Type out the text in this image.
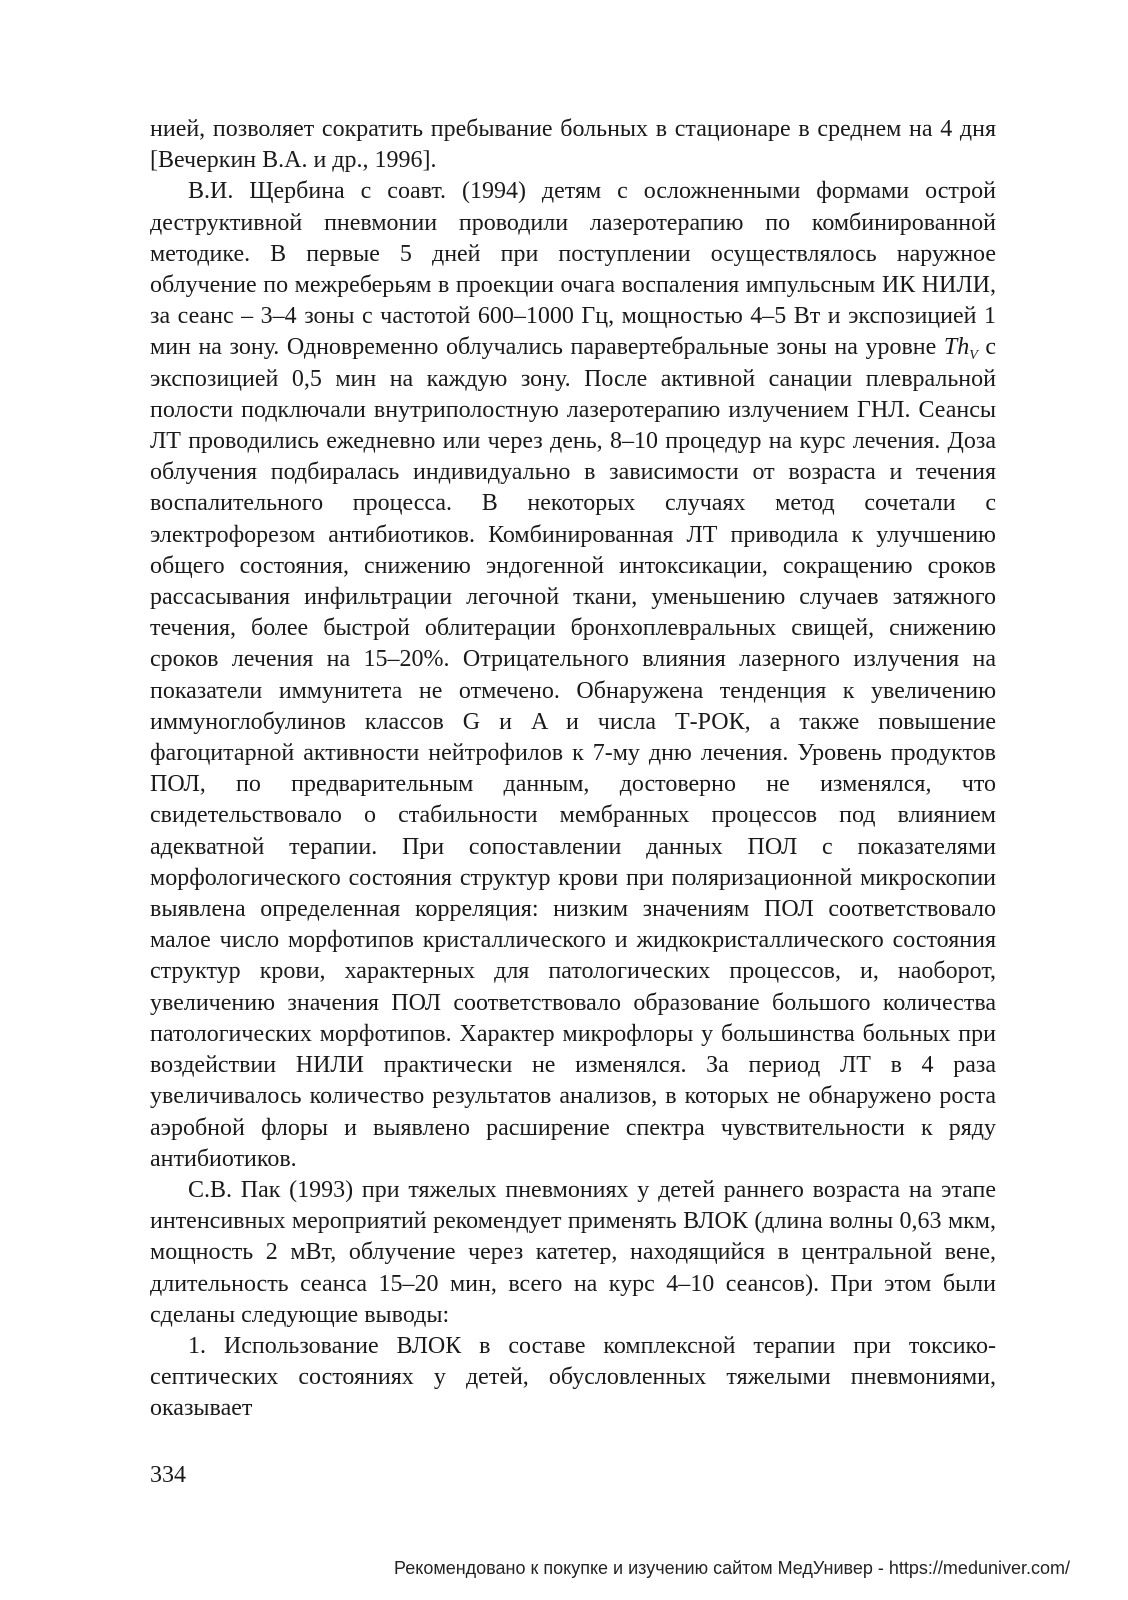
нией, позволяет сократить пребывание больных в стационаре в среднем на 4 дня [Вечеркин В.А. и др., 1996].

В.И. Щербина с соавт. (1994) детям с осложненными формами острой деструктивной пневмонии проводили лазеротерапию по комбинированной методике. В первые 5 дней при поступлении осуществлялось наружное облучение по межреберьям в проекции очага воспаления импульсным ИК НИЛИ, за сеанс – 3–4 зоны с частотой 600–1000 Гц, мощностью 4–5 Вт и экспозицией 1 мин на зону. Одновременно облучались паравертебральные зоны на уровне $Th_V$ с экспозицией 0,5 мин на каждую зону. После активной санации плевральной полости подключали внутриполостную лазеротерапию излучением ГНЛ. Сеансы ЛТ проводились ежедневно или через день, 8–10 процедур на курс лечения. Доза облучения подбиралась индивидуально в зависимости от возраста и течения воспалительного процесса. В некоторых случаях метод сочетали с электрофорезом антибиотиков. Комбинированная ЛТ приводила к улучшению общего состояния, снижению эндогенной интоксикации, сокращению сроков рассасывания инфильтрации легочной ткани, уменьшению случаев затяжного течения, более быстрой облитерации бронхоплевральных свищей, снижению сроков лечения на 15–20%. Отрицательного влияния лазерного излучения на показатели иммунитета не отмечено. Обнаружена тенденция к увеличению иммуноглобулинов классов G и A и числа Т-РОК, а также повышение фагоцитарной активности нейтрофилов к 7-му дню лечения. Уровень продуктов ПОЛ, по предварительным данным, достоверно не изменялся, что свидетельствовало о стабильности мембранных процессов под влиянием адекватной терапии. При сопоставлении данных ПОЛ с показателями морфологического состояния структур крови при поляризационной микроскопии выявлена определенная корреляция: низким значениям ПОЛ соответствовало малое число морфотипов кристаллического и жидкокристаллического состояния структур крови, характерных для патологических процессов, и, наоборот, увеличению значения ПОЛ соответствовало образование большого количества патологических морфотипов. Характер микрофлоры у большинства больных при воздействии НИЛИ практически не изменялся. За период ЛТ в 4 раза увеличивалось количество результатов анализов, в которых не обнаружено роста аэробной флоры и выявлено расширение спектра чувствительности к ряду антибиотиков.

С.В. Пак (1993) при тяжелых пневмониях у детей раннего возраста на этапе интенсивных мероприятий рекомендует применять ВЛОК (длина волны 0,63 мкм, мощность 2 мВт, облучение через катетер, находящийся в центральной вене, длительность сеанса 15–20 мин, всего на курс 4–10 сеансов). При этом были сделаны следующие выводы:

1. Использование ВЛОК в составе комплексной терапии при токсико-септических состояниях у детей, обусловленных тяжелыми пневмониями, оказывает

334
Рекомендовано к покупке и изучению сайтом МедУнивер - https://meduniver.com/
